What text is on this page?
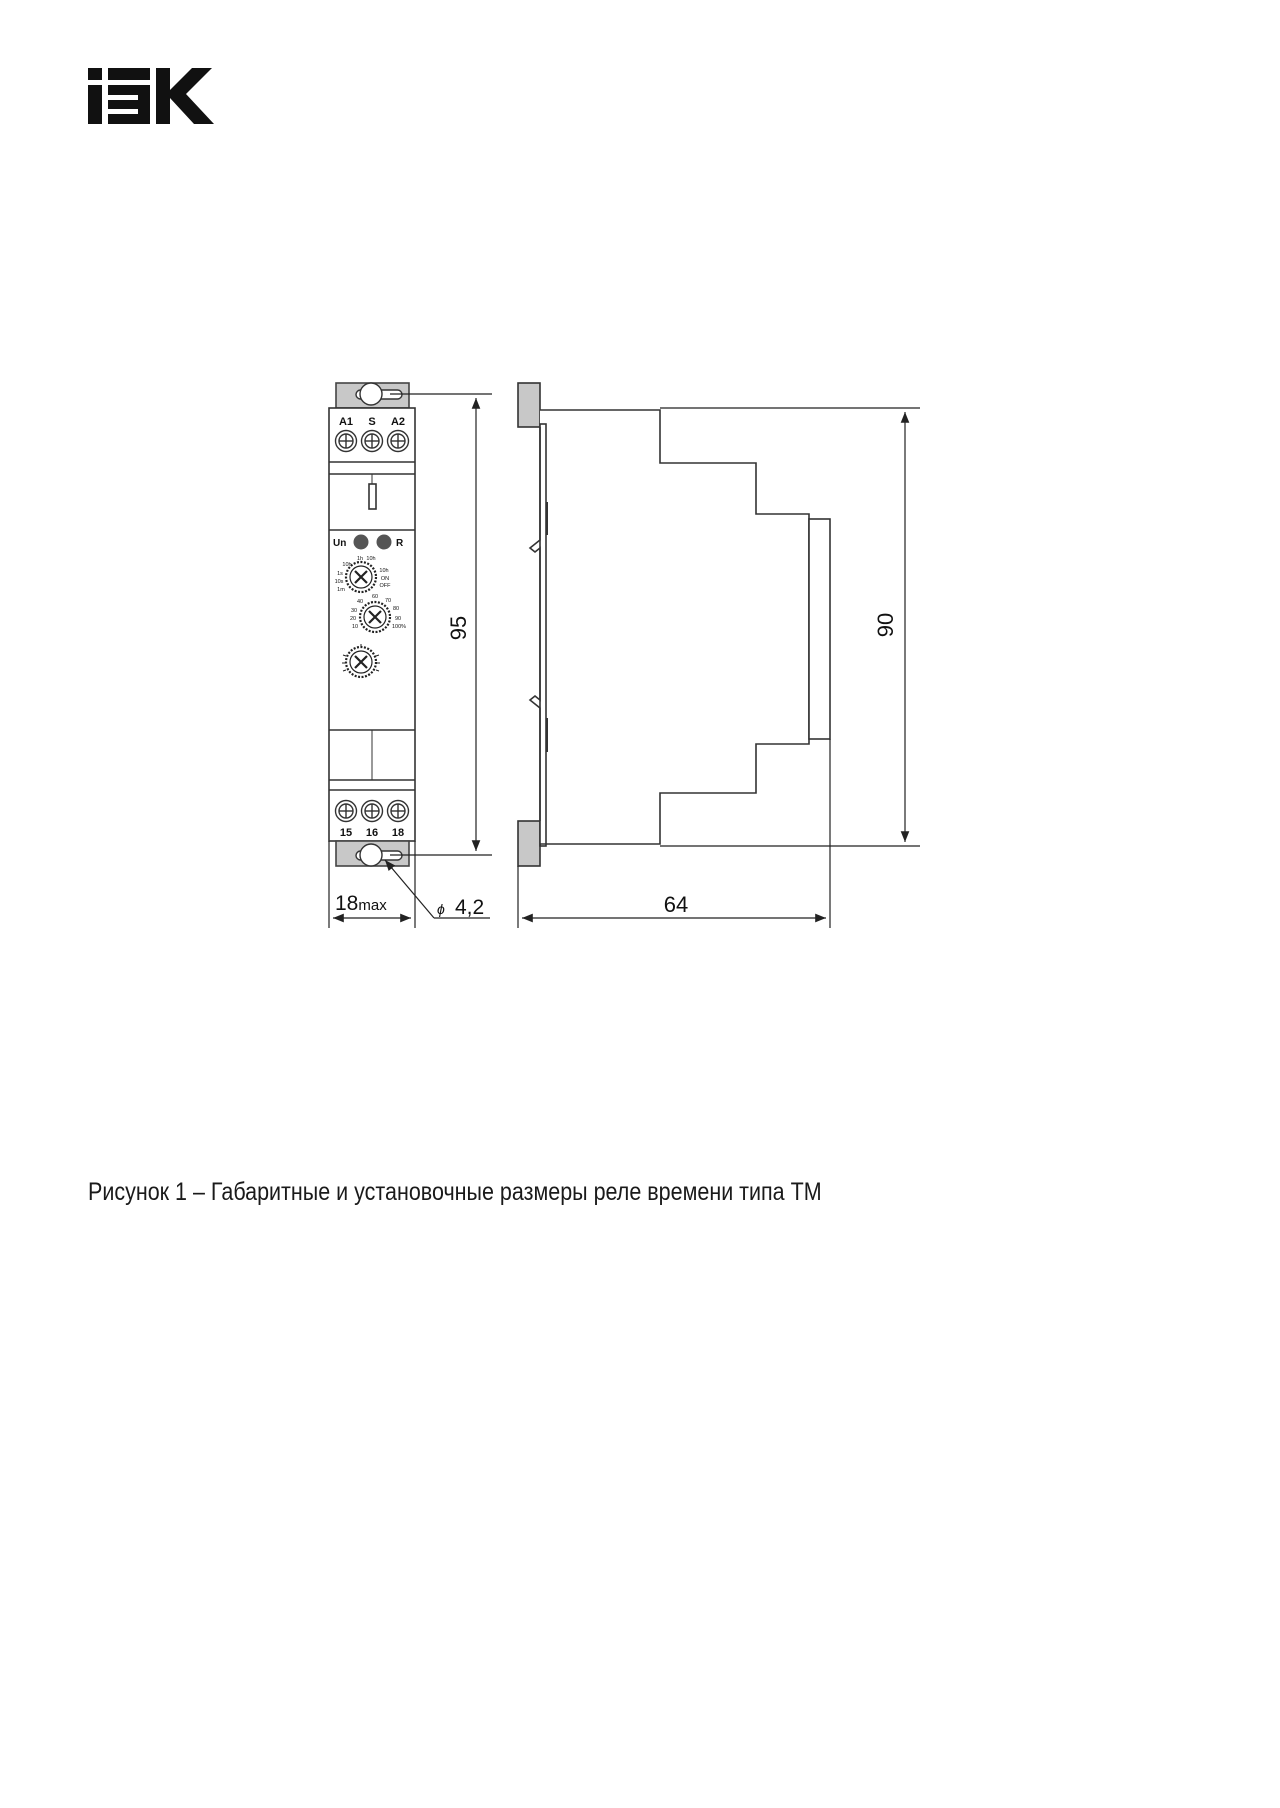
A1 S A2
Un	R
10h
1h 10h
1s
10s
1m
10h
ON
OFF
40
60
70
80
30
20
10
90
100%
15 16 18
95	90
64
18max	ϕ 4,2
Рисунок 1 – Габаритные и установочные размеры реле времени типа ТМ
